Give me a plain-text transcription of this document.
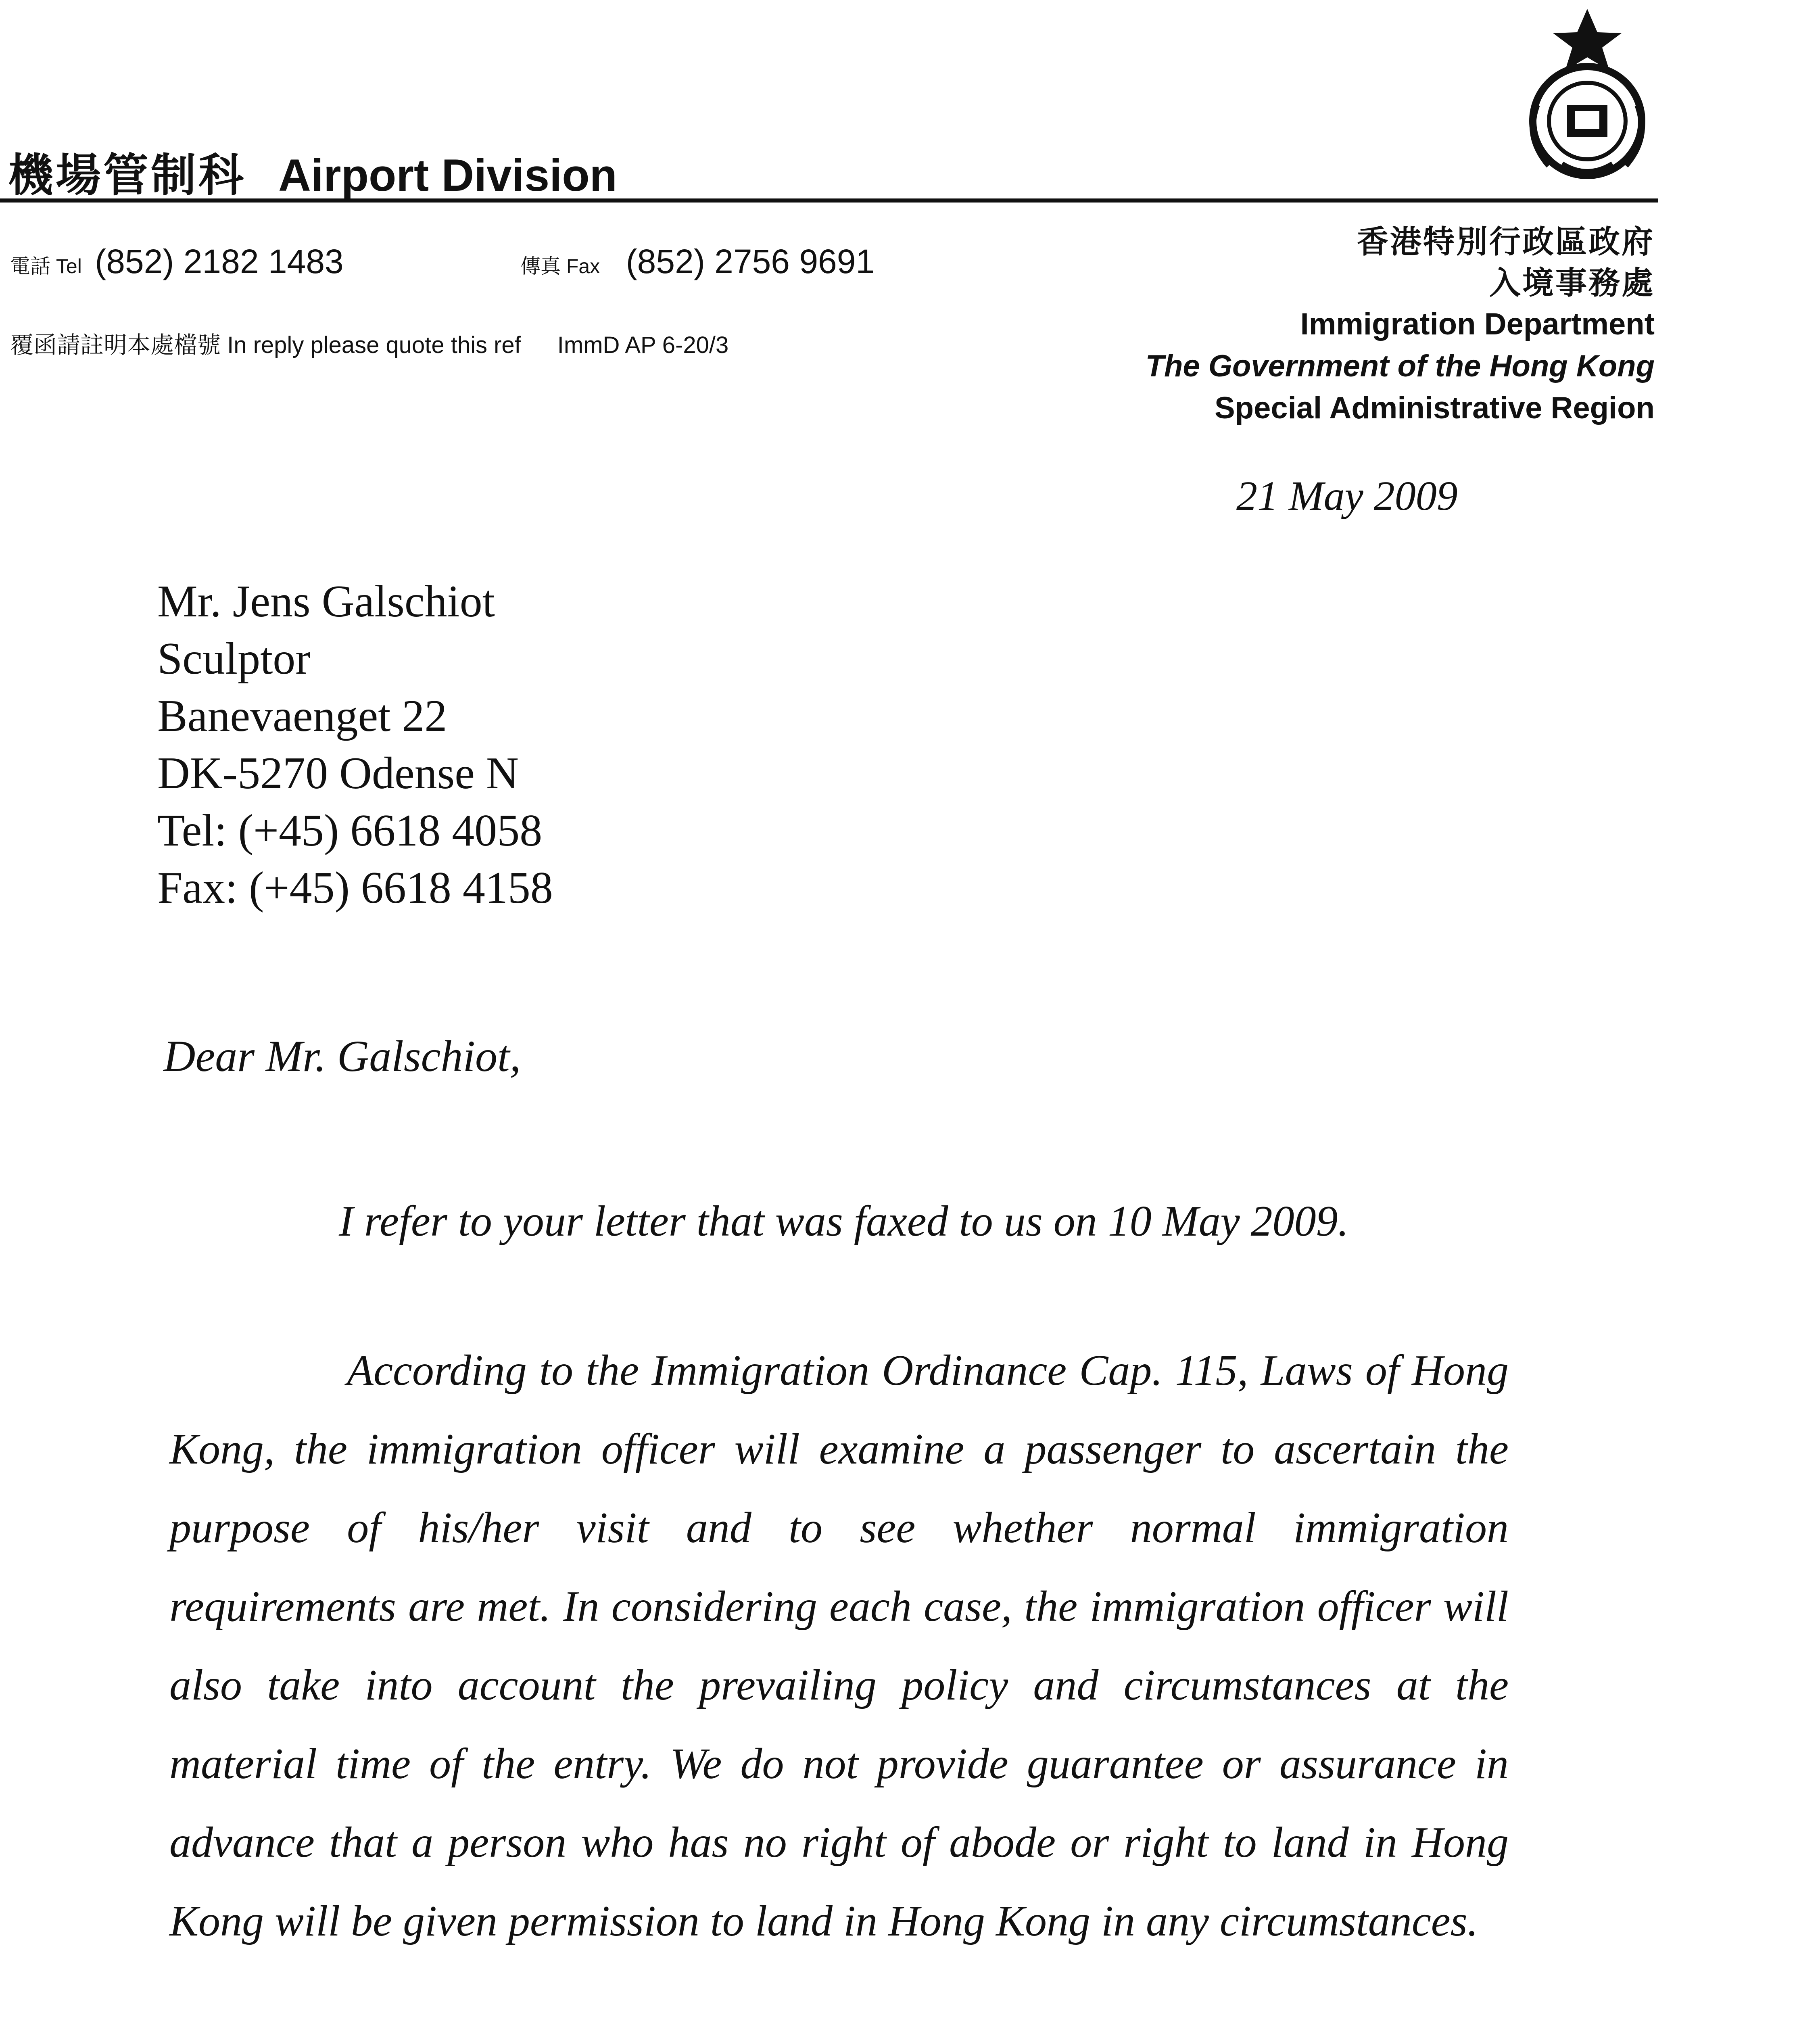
機場管制科 Airport Division
電話 Tel (852) 2182 1483	傳真 Fax (852) 2756 9691
覆函請註明本處檔號 In reply please quote this ref ImmD AP 6-20/3
香港特別行政區政府
入境事務處
Immigration Department
The Government of the Hong Kong
Special Administrative Region
21 May 2009
Mr. Jens Galschiot
Sculptor
Banevaenget 22
DK-5270 Odense N
Tel: (+45) 6618 4058
Fax: (+45) 6618 4158
Dear Mr. Galschiot,
I refer to your letter that was faxed to us on 10 May 2009.
According to the Immigration Ordinance Cap. 115, Laws of Hong Kong, the immigration officer will examine a passenger to ascertain the purpose of his/her visit and to see whether normal immigration requirements are met. In considering each case, the immigration officer will also take into account the prevailing policy and circumstances at the material time of the entry. We do not provide guarantee or assurance in advance that a person who has no right of abode or right to land in Hong Kong will be given permission to land in Hong Kong in any circumstances.
